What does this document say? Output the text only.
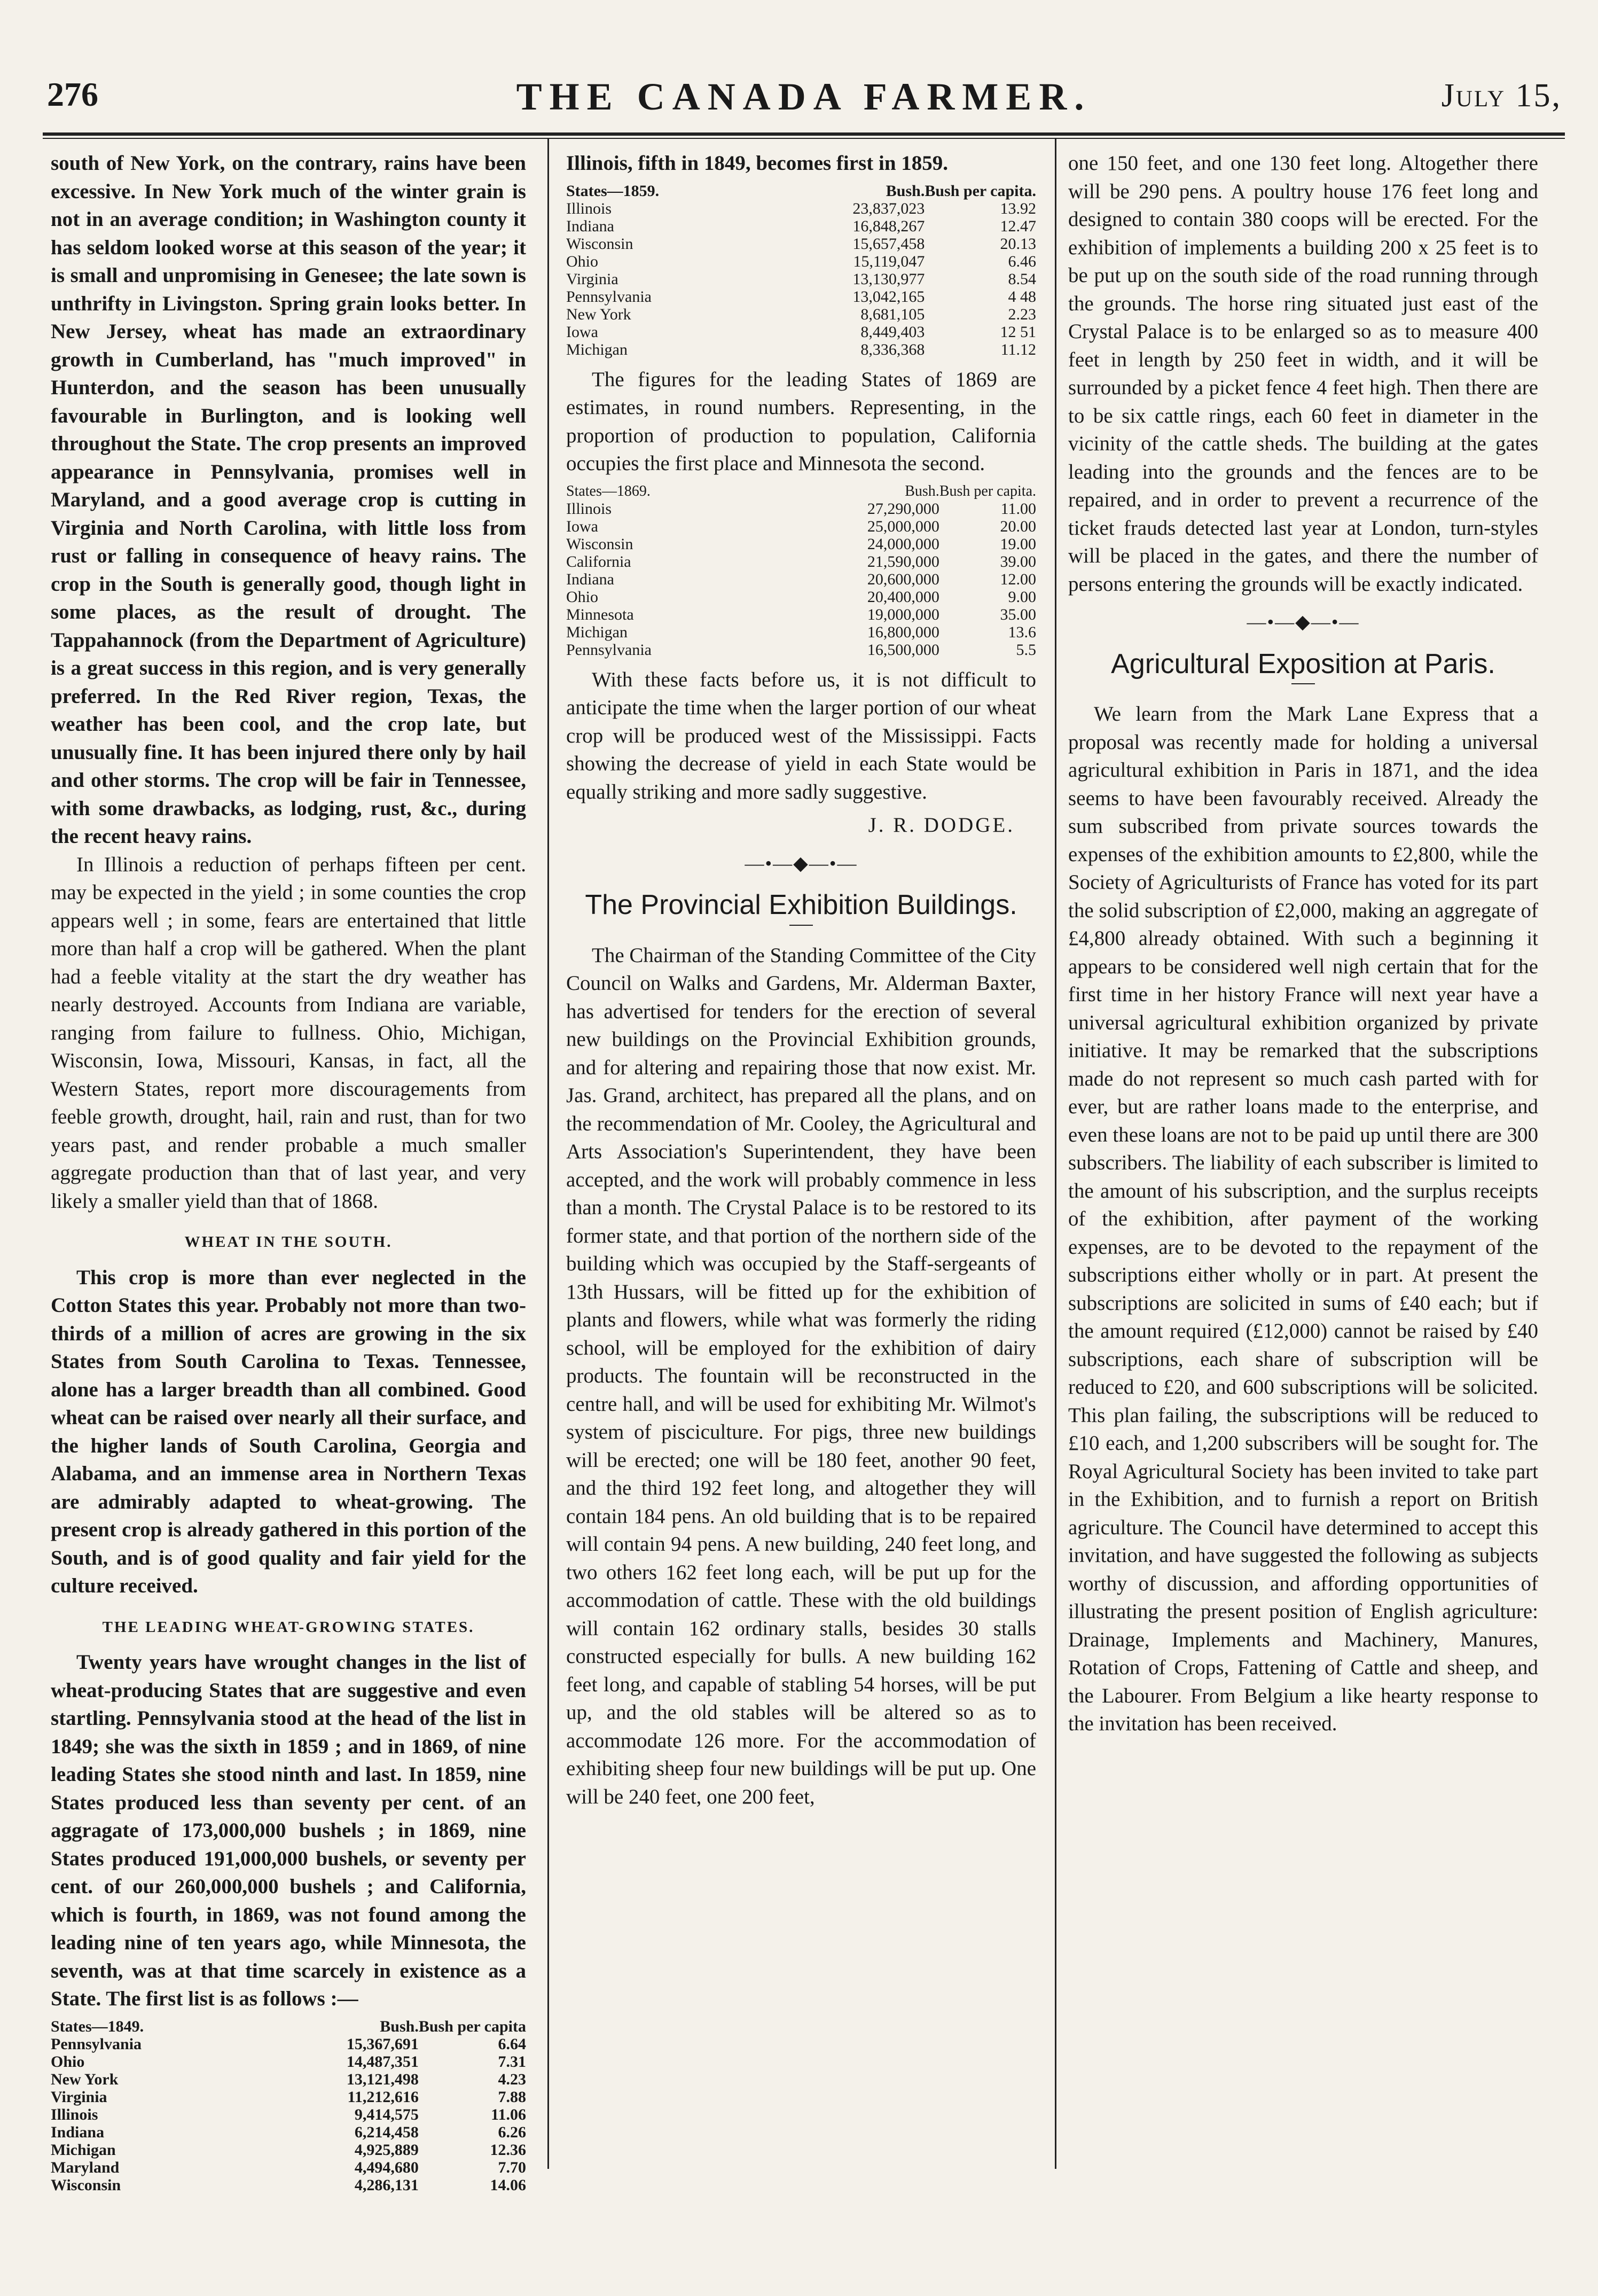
276	THE CANADA FARMER.	July 15,

south of New York, on the contrary, rains have been excessive. In New York much of the winter grain is not in an average condition; in Washington county it has seldom looked worse at this season of the year; it is small and unpromising in Genesee; the late sown is unthrifty in Livingston. Spring grain looks better. In New Jersey, wheat has made an extraordinary growth in Cumberland, has "much improved" in Hunterdon, and the season has been unusually favourable in Burlington, and is looking well throughout the State. The crop presents an improved appearance in Pennsylvania, promises well in Maryland, and a good average crop is cutting in Virginia and North Carolina, with little loss from rust or falling in consequence of heavy rains. The crop in the South is generally good, though light in some places, as the result of drought. The Tappahannock (from the Department of Agriculture) is a great success in this region, and is very generally preferred. In the Red River region, Texas, the weather has been cool, and the crop late, but unusually fine. It has been injured there only by hail and other storms. The crop will be fair in Tennessee, with some drawbacks, as lodging, rust, &c., during the recent heavy rains.

In Illinois a reduction of perhaps fifteen per cent. may be expected in the yield ; in some counties the crop appears well ; in some, fears are entertained that little more than half a crop will be gathered. When the plant had a feeble vitality at the start the dry weather has nearly destroyed. Accounts from Indiana are variable, ranging from failure to fullness. Ohio, Michigan, Wisconsin, Iowa, Missouri, Kansas, in fact, all the Western States, report more discouragements from feeble growth, drought, hail, rain and rust, than for two years past, and render probable a much smaller aggregate production than that of last year, and very likely a smaller yield than that of 1868.

WHEAT IN THE SOUTH.

This crop is more than ever neglected in the Cotton States this year. Probably not more than two-thirds of a million of acres are growing in the six States from South Carolina to Texas. Tennessee, alone has a larger breadth than all combined. Good wheat can be raised over nearly all their surface, and the higher lands of South Carolina, Georgia and Alabama, and an immense area in Northern Texas are admirably adapted to wheat-growing. The present crop is already gathered in this portion of the South, and is of good quality and fair yield for the culture received.

THE LEADING WHEAT-GROWING STATES.

Twenty years have wrought changes in the list of wheat-producing States that are suggestive and even startling. Pennsylvania stood at the head of the list in 1849; she was the sixth in 1859 ; and in 1869, of nine leading States she stood ninth and last. In 1859, nine States produced less than seventy per cent. of an aggragate of 173,000,000 bushels ; in 1869, nine States produced 191,000,000 bushels, or seventy per cent. of our 260,000,000 bushels ; and California, which is fourth, in 1869, was not found among the leading nine of ten years ago, while Minnesota, the seventh, was at that time scarcely in existence as a State. The first list is as follows :—

States—1849.	Bush.	Bush per capita
Pennsylvania	15,367,691	6.64
Ohio	14,487,351	7.31
New York	13,121,498	4.23
Virginia	11,212,616	7.88
Illinois	9,414,575	11.06
Indiana	6,214,458	6.26
Michigan	4,925,889	12.36
Maryland	4,494,680	7.70
Wisconsin	4,286,131	14.06

Illinois, fifth in 1849, becomes first in 1859.

States—1859.	Bush.	Bush per capita.
Illinois	23,837,023	13.92
Indiana	16,848,267	12.47
Wisconsin	15,657,458	20.13
Ohio	15,119,047	6.46
Virginia	13,130,977	8.54
Pennsylvania	13,042,165	4 48
New York	8,681,105	2.23
Iowa	8,449,403	12 51
Michigan	8,336,368	11.12

The figures for the leading States of 1869 are estimates, in round numbers. Representing, in the proportion of production to population, California occupies the first place and Minnesota the second.

States—1869.	Bush.	Bush per capita.
Illinois	27,290,000	11.00
Iowa	25,000,000	20.00
Wisconsin	24,000,000	19.00
California	21,590,000	39.00
Indiana	20,600,000	12.00
Ohio	20,400,000	9.00
Minnesota	19,000,000	35.00
Michigan	16,800,000	13.6
Pennsylvania	16,500,000	5.5

With these facts before us, it is not difficult to anticipate the time when the larger portion of our wheat crop will be produced west of the Mississippi. Facts showing the decrease of yield in each State would be equally striking and more sadly suggestive.

J. R. DODGE.
—•—◆—•—
The Provincial Exhibition Buildings.

The Chairman of the Standing Committee of the City Council on Walks and Gardens, Mr. Alderman Baxter, has advertised for tenders for the erection of several new buildings on the Provincial Exhibition grounds, and for altering and repairing those that now exist. Mr. Jas. Grand, architect, has prepared all the plans, and on the recommendation of Mr. Cooley, the Agricultural and Arts Association's Superintendent, they have been accepted, and the work will probably commence in less than a month. The Crystal Palace is to be restored to its former state, and that portion of the northern side of the building which was occupied by the Staff-sergeants of 13th Hussars, will be fitted up for the exhibition of plants and flowers, while what was formerly the riding school, will be employed for the exhibition of dairy products. The fountain will be reconstructed in the centre hall, and will be used for exhibiting Mr. Wilmot's system of pisciculture. For pigs, three new buildings will be erected; one will be 180 feet, another 90 feet, and the third 192 feet long, and altogether they will contain 184 pens. An old building that is to be repaired will contain 94 pens. A new building, 240 feet long, and two others 162 feet long each, will be put up for the accommodation of cattle. These with the old buildings will contain 162 ordinary stalls, besides 30 stalls constructed especially for bulls. A new building 162 feet long, and capable of stabling 54 horses, will be put up, and the old stables will be altered so as to accommodate 126 more. For the accommodation of exhibiting sheep four new buildings will be put up. One will be 240 feet, one 200 feet,

one 150 feet, and one 130 feet long. Altogether there will be 290 pens. A poultry house 176 feet long and designed to contain 380 coops will be erected. For the exhibition of implements a building 200 x 25 feet is to be put up on the south side of the road running through the grounds. The horse ring situated just east of the Crystal Palace is to be enlarged so as to measure 400 feet in length by 250 feet in width, and it will be surrounded by a picket fence 4 feet high. Then there are to be six cattle rings, each 60 feet in diameter in the vicinity of the cattle sheds. The building at the gates leading into the grounds and the fences are to be repaired, and in order to prevent a recurrence of the ticket frauds detected last year at London, turn-styles will be placed in the gates, and there the number of persons entering the grounds will be exactly indicated.

—•—◆—•—
Agricultural Exposition at Paris.

We learn from the Mark Lane Express that a proposal was recently made for holding a universal agricultural exhibition in Paris in 1871, and the idea seems to have been favourably received. Already the sum subscribed from private sources towards the expenses of the exhibition amounts to £2,800, while the Society of Agriculturists of France has voted for its part the solid subscription of £2,000, making an aggregate of £4,800 already obtained. With such a beginning it appears to be considered well nigh certain that for the first time in her history France will next year have a universal agricultural exhibition organized by private initiative. It may be remarked that the subscriptions made do not represent so much cash parted with for ever, but are rather loans made to the enterprise, and even these loans are not to be paid up until there are 300 subscribers. The liability of each subscriber is limited to the amount of his subscription, and the surplus receipts of the exhibition, after payment of the working expenses, are to be devoted to the repayment of the subscriptions either wholly or in part. At present the subscriptions are solicited in sums of £40 each; but if the amount required (£12,000) cannot be raised by £40 subscriptions, each share of subscription will be reduced to £20, and 600 subscriptions will be solicited. This plan failing, the subscriptions will be reduced to £10 each, and 1,200 subscribers will be sought for. The Royal Agricultural Society has been invited to take part in the Exhibition, and to furnish a report on British agriculture. The Council have determined to accept this invitation, and have suggested the following as subjects worthy of discussion, and affording opportunities of illustrating the present position of English agriculture: Drainage, Implements and Machinery, Manures, Rotation of Crops, Fattening of Cattle and sheep, and the Labourer. From Belgium a like hearty response to the invitation has been received.
